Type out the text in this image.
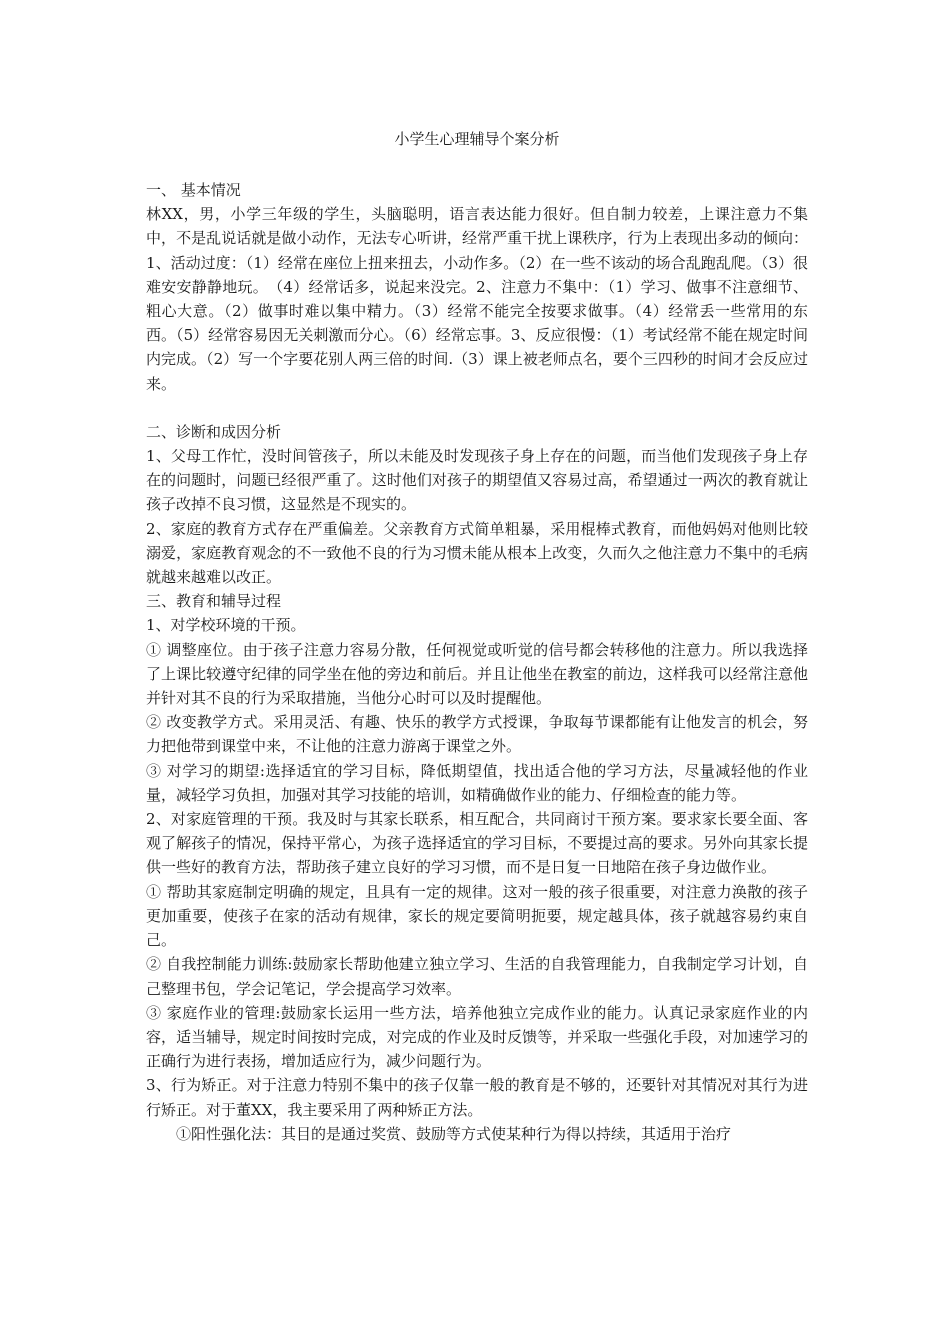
小学生心理辅导个案分析

一、 基本情况

林XX，男，小学三年级的学生，头脑聪明，语言表达能力很好。但自制力较差，上课注意力不集中，不是乱说话就是做小动作，无法专心听讲，经常严重干扰上课秩序，行为上表现出多动的倾向：1、活动过度：（1）经常在座位上扭来扭去，小动作多。（2）在一些不该动的场合乱跑乱爬。（3）很难安安静静地玩。　（4）经常话多，说起来没完。2、注意力不集中：（1）学习、做事不注意细节、粗心大意。（2）做事时难以集中精力。（3）经常不能完全按要求做事。（4）经常丢一些常用的东西。（5）经常容易因无关刺激而分心。（6）经常忘事。3、反应很慢：（1）考试经常不能在规定时间内完成。（2）写一个字要花别人两三倍的时间.（3）课上被老师点名，要个三四秒的时间才会反应过来。

二、诊断和成因分析

1、父母工作忙，没时间管孩子，所以未能及时发现孩子身上存在的问题，而当他们发现孩子身上存在的问题时，问题已经很严重了。这时他们对孩子的期望值又容易过高，希望通过一两次的教育就让孩子改掉不良习惯，这显然是不现实的。

2、家庭的教育方式存在严重偏差。父亲教育方式简单粗暴，采用棍棒式教育，而他妈妈对他则比较溺爱，家庭教育观念的不一致他不良的行为习惯未能从根本上改变，久而久之他注意力不集中的毛病就越来越难以改正。

三、教育和辅导过程

1、对学校环境的干预。

① 调整座位。由于孩子注意力容易分散，任何视觉或听觉的信号都会转移他的注意力。所以我选择了上课比较遵守纪律的同学坐在他的旁边和前后。并且让他坐在教室的前边，这样我可以经常注意他并针对其不良的行为采取措施，当他分心时可以及时提醒他。

② 改变教学方式。采用灵活、有趣、快乐的教学方式授课，争取每节课都能有让他发言的机会，努力把他带到课堂中来，不让他的注意力游离于课堂之外。

③ 对学习的期望:选择适宜的学习目标，降低期望值，找出适合他的学习方法，尽量减轻他的作业量，减轻学习负担，加强对其学习技能的培训，如精确做作业的能力、仔细检查的能力等。

2、对家庭管理的干预。我及时与其家长联系，相互配合，共同商讨干预方案。要求家长要全面、客观了解孩子的情况，保持平常心，为孩子选择适宜的学习目标，不要提过高的要求。另外向其家长提供一些好的教育方法，帮助孩子建立良好的学习习惯，而不是日复一日地陪在孩子身边做作业。

① 帮助其家庭制定明确的规定，且具有一定的规律。这对一般的孩子很重要，对注意力涣散的孩子更加重要，使孩子在家的活动有规律，家长的规定要简明扼要，规定越具体，孩子就越容易约束自己。

② 自我控制能力训练:鼓励家长帮助他建立独立学习、生活的自我管理能力，自我制定学习计划，自己整理书包，学会记笔记，学会提高学习效率。

③ 家庭作业的管理:鼓励家长运用一些方法，培养他独立完成作业的能力。认真记录家庭作业的内容，适当辅导，规定时间按时完成，对完成的作业及时反馈等，并采取一些强化手段，对加速学习的正确行为进行表扬，增加适应行为，减少问题行为。

3、行为矫正。对于注意力特别不集中的孩子仅靠一般的教育是不够的，还要针对其情况对其行为进行矫正。对于董XX，我主要采用了两种矫正方法。

①阳性强化法：其目的是通过奖赏、鼓励等方式使某种行为得以持续，其适用于治疗
